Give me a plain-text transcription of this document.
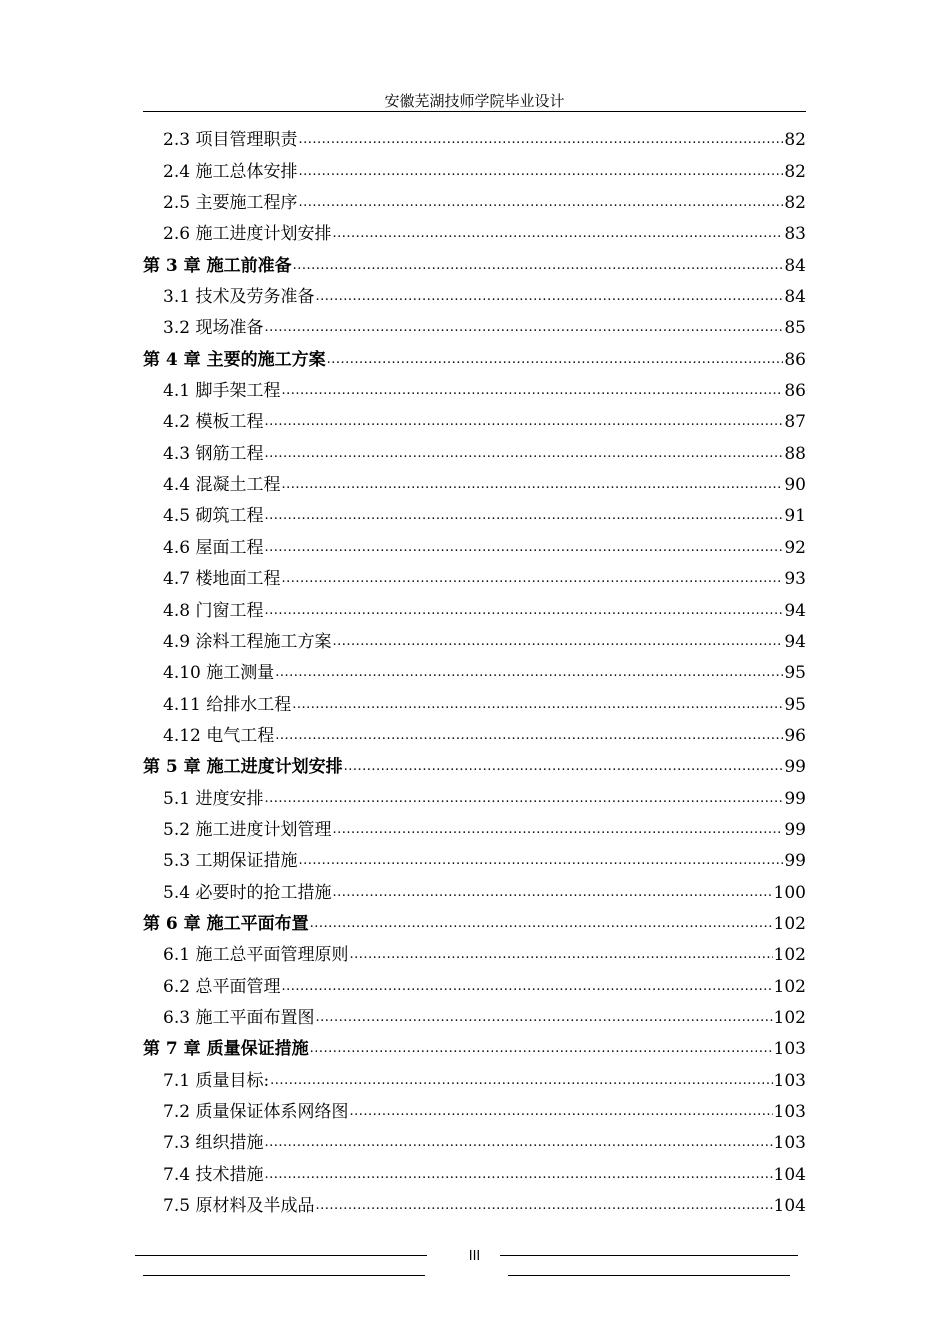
安徽芜湖技师学院毕业设计
2.3 项目管理职责 .....	82
2.4 施工总体安排 .....	82
2.5 主要施工程序 .....	82
2.6 施工进度计划安排 .....	83
第 3 章 施工前准备 .....	84
3.1 技术及劳务准备 .....	84
3.2 现场准备 .....	85
第 4 章 主要的施工方案 .....	86
4.1 脚手架工程 .....	86
4.2 模板工程 .....	87
4.3 钢筋工程 .....	88
4.4 混凝土工程 .....	90
4.5 砌筑工程 .....	91
4.6 屋面工程 .....	92
4.7 楼地面工程 .....	93
4.8 门窗工程 .....	94
4.9 涂料工程施工方案 .....	94
4.10 施工测量 .....	95
4.11 给排水工程 .....	95
4.12 电气工程 .....	96
第 5 章 施工进度计划安排 .....	99
5.1 进度安排 .....	99
5.2 施工进度计划管理 .....	99
5.3 工期保证措施 .....	99
5.4 必要时的抢工措施 .....	100
第 6 章 施工平面布置 .....	102
6.1 施工总平面管理原则 .....	102
6.2 总平面管理 .....	102
6.3 施工平面布置图 .....	102
第 7 章 质量保证措施 .....	103
7.1 质量目标: .....	103
7.2 质量保证体系网络图 .....	103
7.3 组织措施 .....	103
7.4 技术措施 .....	104
7.5 原材料及半成品 .....	104
III
